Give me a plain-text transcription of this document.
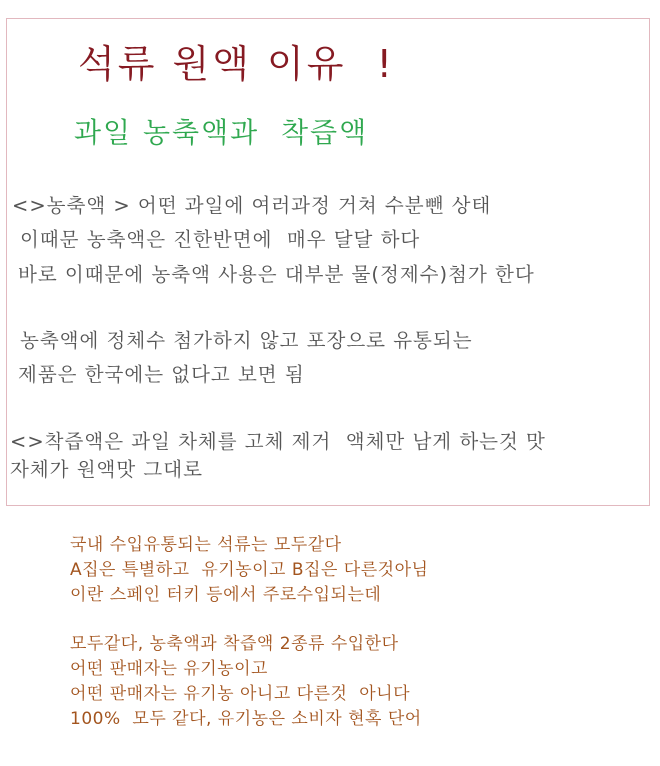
석류 원액 이유  !
과일 농축액과  착즙액

<>농축액 > 어떤 과일에 여러과정 거쳐 수분뺀 상태

이때문 농축액은 진한반면에  매우 달달 하다

바로 이때문에 농축액 사용은 대부분 물(정제수)첨가 한다

농축액에 정체수 첨가하지 않고 포장으로 유통되는

제품은 한국에는 없다고 보면 됨

<>착즙액은 과일 차체를 고체 제거  액체만 남게 하는것 맛

자체가 원액맛 그대로

국내 수입유통되는 석류는 모두같다

A집은 특별하고  유기농이고 B집은 다른것아님

이란 스페인 터키 등에서 주로수입되는데

모두같다, 농축액과 착즙액 2종류 수입한다

어떤 판매자는 유기농이고

어떤 판매자는 유기농 아니고 다른것  아니다

100%  모두 같다, 유기농은 소비자 현혹 단어
